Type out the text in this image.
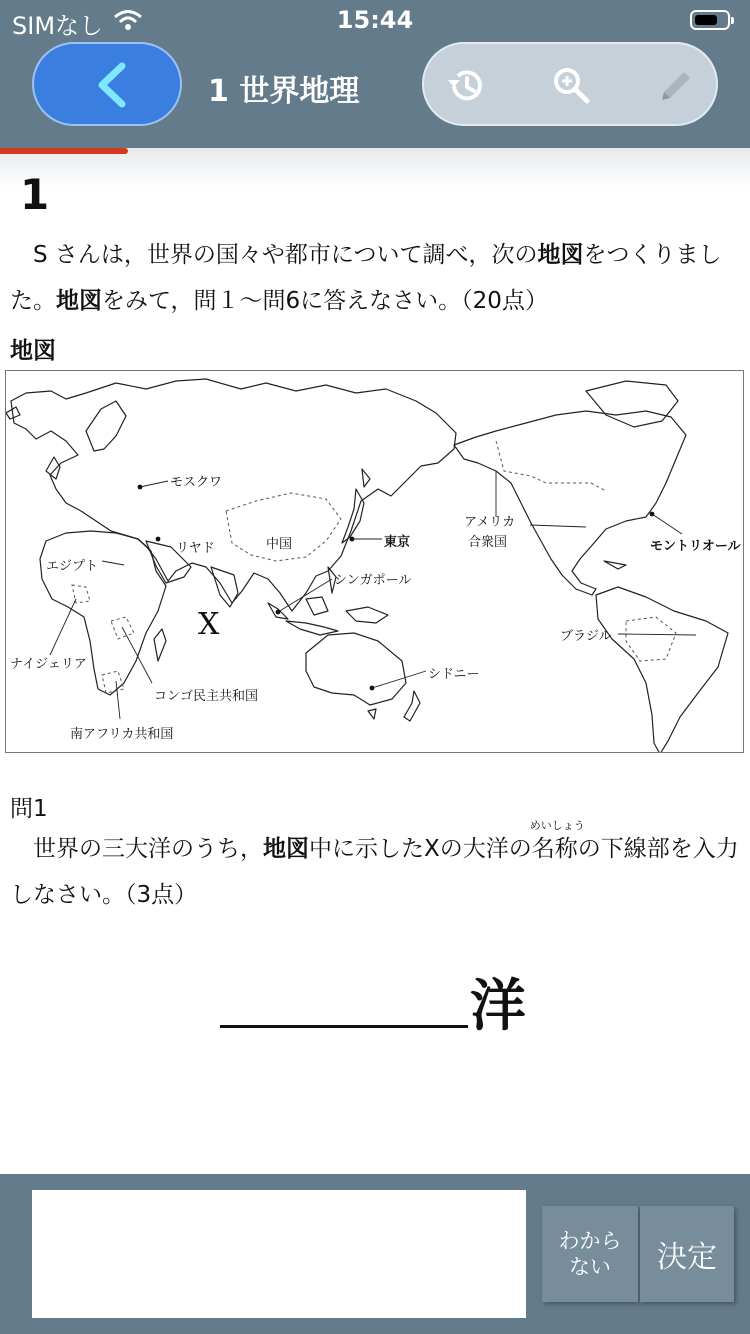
SIMなし	15:44
1 世界地理
1
　S さんは，世界の国々や都市について調べ，次の地図をつくりました。地図をみて，問１～問6に答えなさい。（20点）
地図
モスクワ
リヤド	中国	東京
アメリカ
合衆国	モントリオール
エジプト
シンガポール
X	ブラジル
ナイジェリア
コンゴ民主共和国
シドニー
南アフリカ共和国
問1
　世界の三大洋のうち，地図中に示したXの大洋の
めいしょう
名称の下線部を入力しなさい。（3点）
洋
わから
ない	決定
